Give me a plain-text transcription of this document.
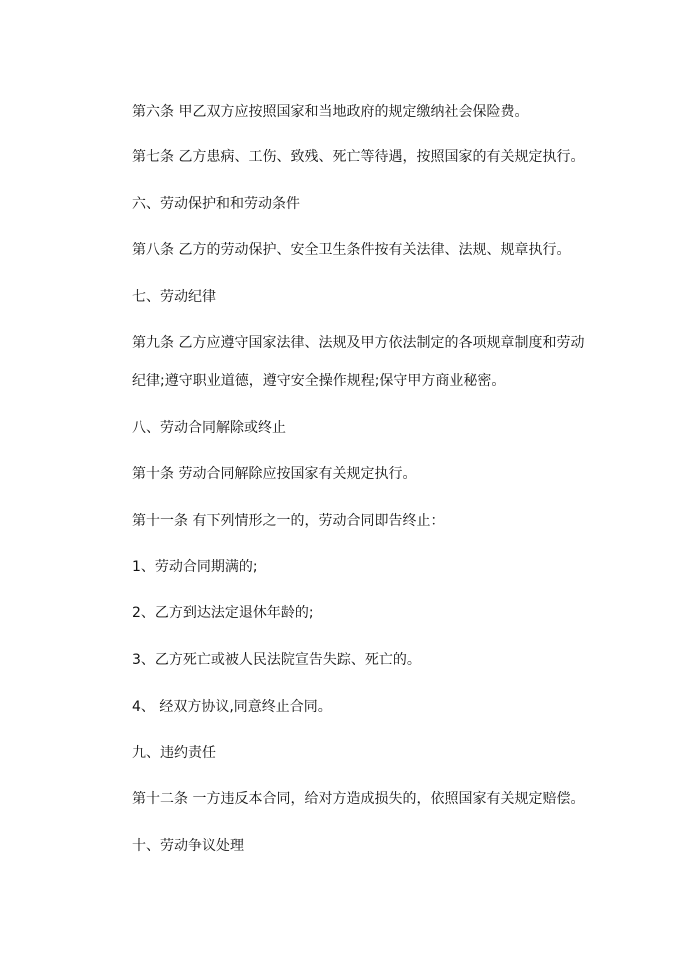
第六条 甲乙双方应按照国家和当地政府的规定缴纳社会保险费。
第七条 乙方患病、工伤、致残、死亡等待遇，按照国家的有关规定执行。
六、劳动保护和和劳动条件
第八条 乙方的劳动保护、安全卫生条件按有关法律、法规、规章执行。
七、劳动纪律
第九条 乙方应遵守国家法律、法规及甲方依法制定的各项规章制度和劳动
纪律;遵守职业道德，遵守安全操作规程;保守甲方商业秘密。
八、劳动合同解除或终止
第十条 劳动合同解除应按国家有关规定执行。
第十一条 有下列情形之一的，劳动合同即告终止：
1、劳动合同期满的;
2、乙方到达法定退休年龄的;
3、乙方死亡或被人民法院宣告失踪、死亡的。
4、 经双方协议,同意终止合同。
九、违约责任
第十二条 一方违反本合同，给对方造成损失的，依照国家有关规定赔偿。
十、劳动争议处理
